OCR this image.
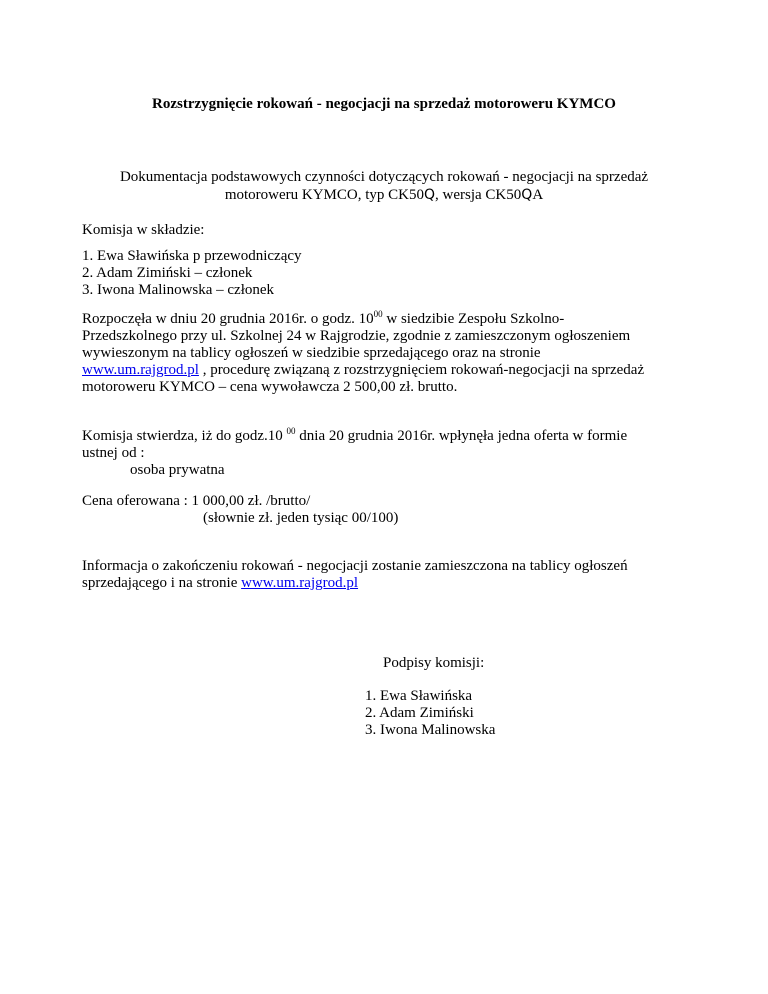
Rozstrzygnięcie rokowań - negocjacji na sprzedaż motoroweru KYMCO
Dokumentacja podstawowych czynności dotyczących rokowań - negocjacji na sprzedaż
motoroweru KYMCO, typ CK50Q, wersja CK50QA
Komisja w składzie:
1. Ewa Sławińska p przewodniczący
2. Adam Zimiński – członek
3. Iwona Malinowska – członek
Rozpoczęła w dniu 20 grudnia 2016r. o godz. $10^{00}$ w siedzibie Zespołu Szkolno-
Przedszkolnego przy ul. Szkolnej 24 w Rajgrodzie, zgodnie z zamieszczonym ogłoszeniem
wywieszonym na tablicy ogłoszeń w siedzibie sprzedającego oraz na stronie
www.um.rajgrod.pl , procedurę związaną z rozstrzygnięciem rokowań-negocjacji na sprzedaż
motoroweru KYMCO – cena wywoławcza 2 500,00 zł. brutto.
Komisja stwierdza, iż do godz.10 $^{00}$ dnia 20 grudnia 2016r. wpłynęła jedna oferta w formie
ustnej od :
osoba prywatna
Cena oferowana : 1 000,00 zł. /brutto/
(słownie zł. jeden tysiąc 00/100)
Informacja o zakończeniu rokowań - negocjacji zostanie zamieszczona na tablicy ogłoszeń
sprzedającego i na stronie www.um.rajgrod.pl
Podpisy komisji:
1. Ewa Sławińska
2. Adam Zimiński
3. Iwona Malinowska
